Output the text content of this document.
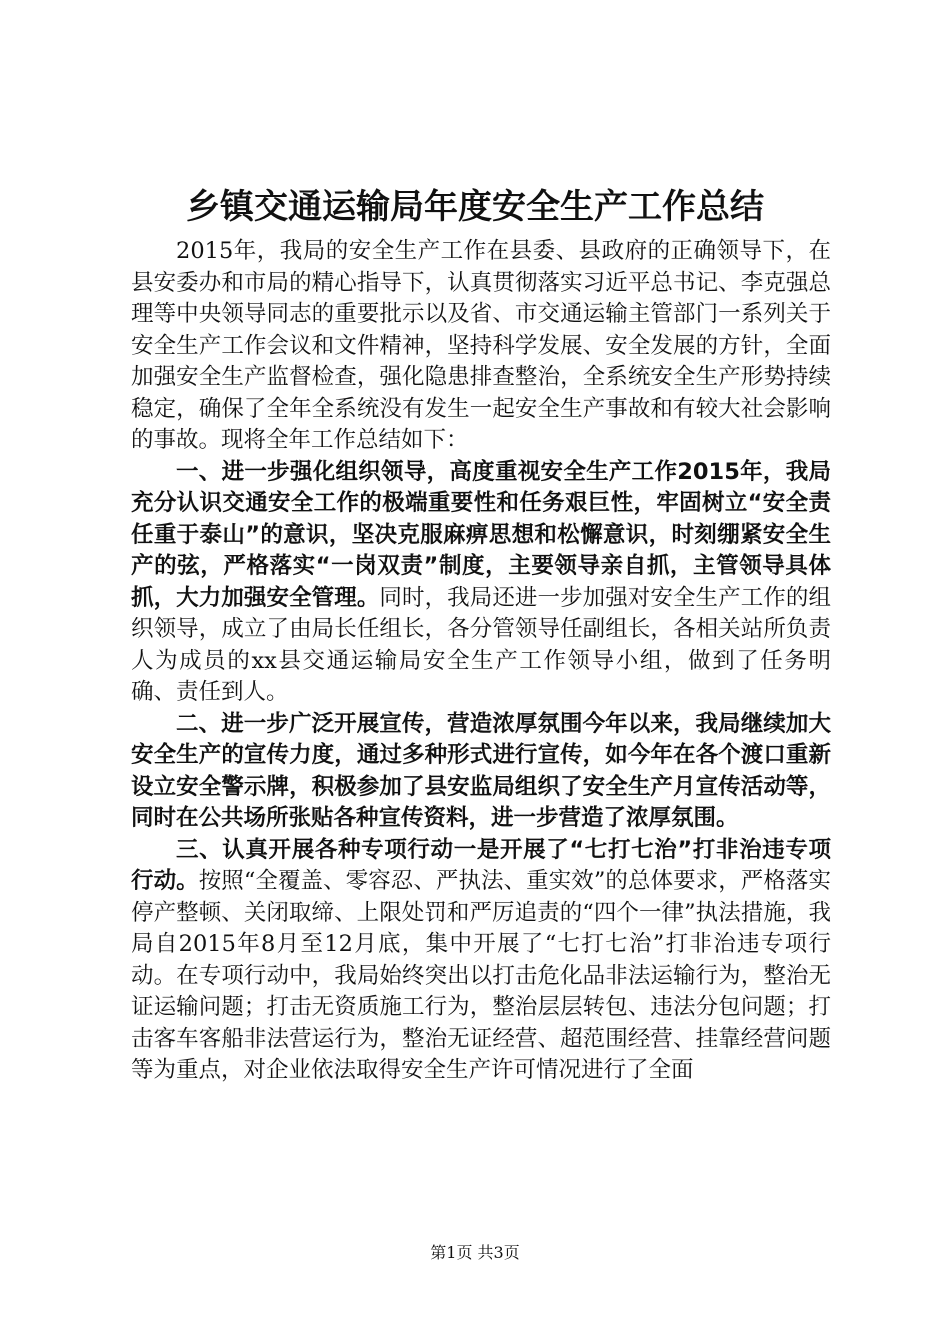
乡镇交通运输局年度安全生产工作总结

2015年，我局的安全生产工作在县委、县政府的正确领导下，在县安委办和市局的精心指导下，认真贯彻落实习近平总书记、李克强总理等中央领导同志的重要批示以及省、市交通运输主管部门一系列关于安全生产工作会议和文件精神，坚持科学发展、安全发展的方针，全面加强安全生产监督检查，强化隐患排查整治，全系统安全生产形势持续稳定，确保了全年全系统没有发生一起安全生产事故和有较大社会影响的事故。现将全年工作总结如下：

一、进一步强化组织领导，高度重视安全生产工作2015年，我局充分认识交通安全工作的极端重要性和任务艰巨性，牢固树立“安全责任重于泰山”的意识，坚决克服麻痹思想和松懈意识，时刻绷紧安全生产的弦，严格落实“一岗双责”制度，主要领导亲自抓，主管领导具体抓，大力加强安全管理。同时，我局还进一步加强对安全生产工作的组织领导，成立了由局长任组长，各分管领导任副组长，各相关站所负责人为成员的xx县交通运输局安全生产工作领导小组，做到了任务明确、责任到人。

二、进一步广泛开展宣传，营造浓厚氛围今年以来，我局继续加大安全生产的宣传力度，通过多种形式进行宣传，如今年在各个渡口重新设立安全警示牌，积极参加了县安监局组织了安全生产月宣传活动等，同时在公共场所张贴各种宣传资料，进一步营造了浓厚氛围。

三、认真开展各种专项行动一是开展了“七打七治”打非治违专项行动。按照“全覆盖、零容忍、严执法、重实效”的总体要求，严格落实停产整顿、关闭取缔、上限处罚和严厉追责的“四个一律”执法措施，我局自2015年8月至12月底，集中开展了“七打七治”打非治违专项行动。在专项行动中，我局始终突出以打击危化品非法运输行为，整治无证运输问题；打击无资质施工行为，整治层层转包、违法分包问题；打击客车客船非法营运行为，整治无证经营、超范围经营、挂靠经营问题等为重点，对企业依法取得安全生产许可情况进行了全面

第1页 共3页
